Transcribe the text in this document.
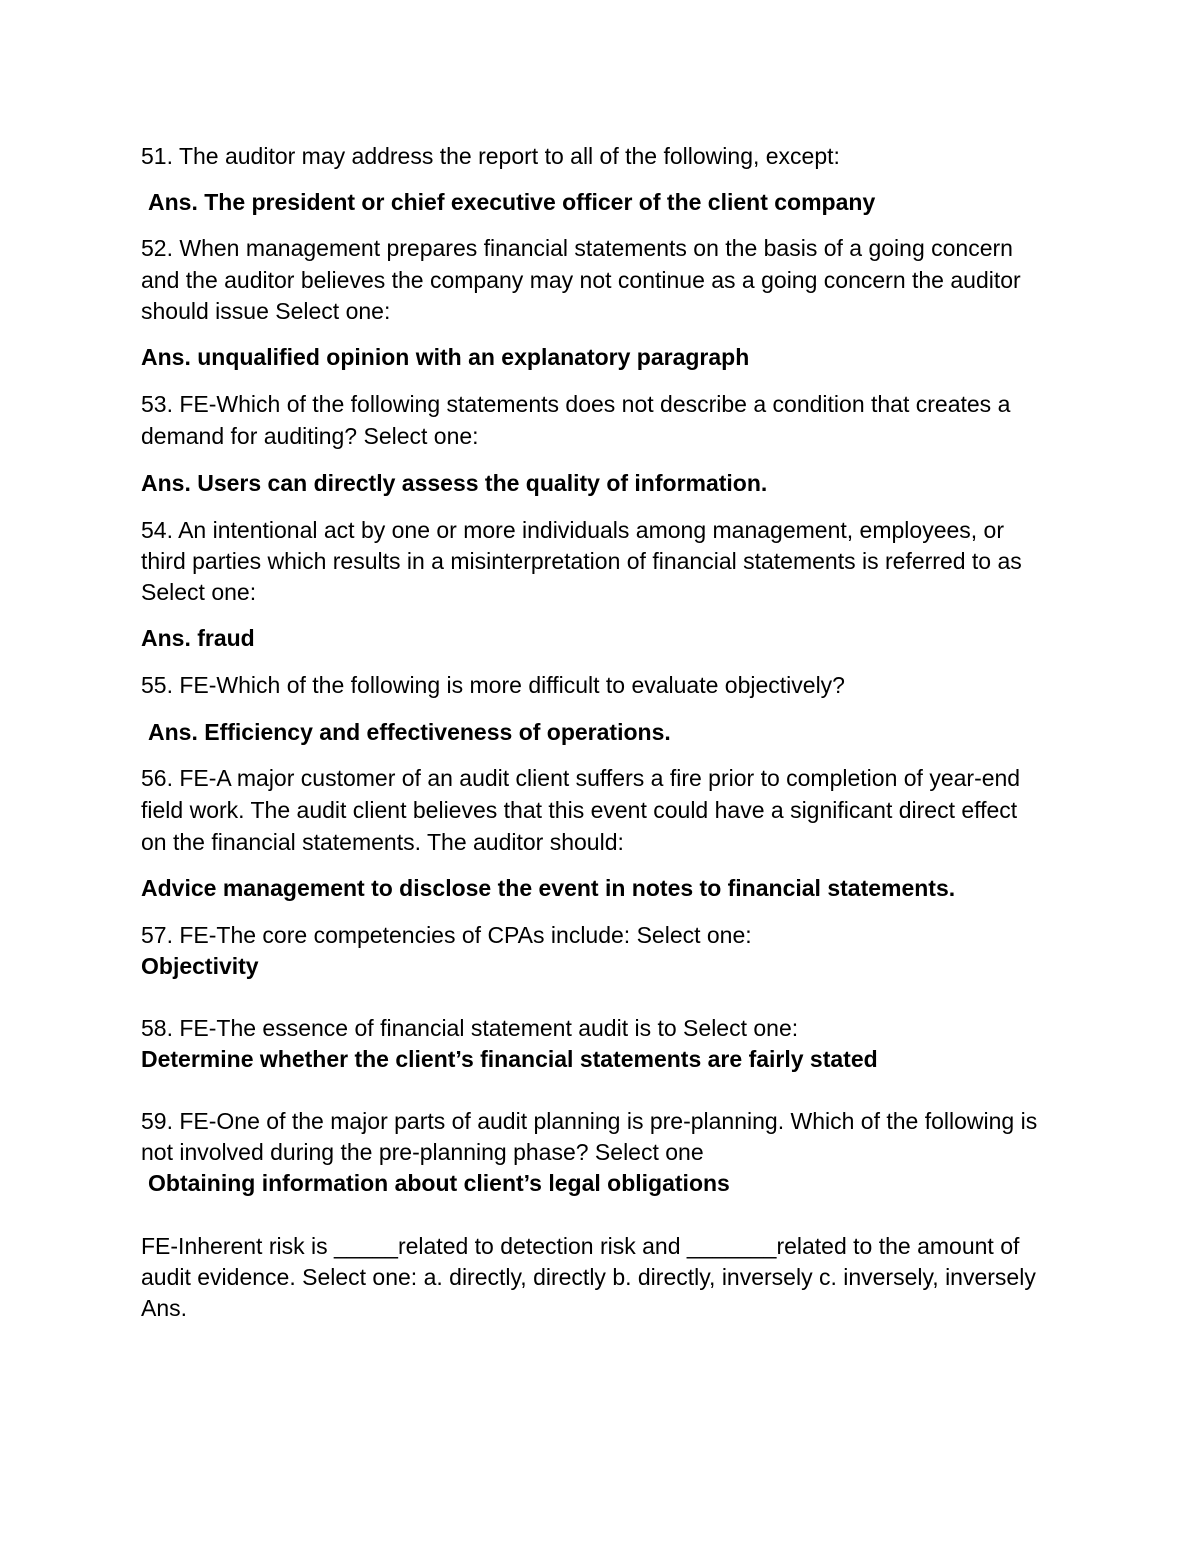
51. The auditor may address the report to all of the following, except:
Ans. The president or chief executive officer of the client company
52. When management prepares financial statements on the basis of a going concern
and the auditor believes the company may not continue as a going concern the auditor
should issue Select one:
Ans. unqualified opinion with an explanatory paragraph
53. FE-Which of the following statements does not describe a condition that creates a
demand for auditing? Select one:
Ans. Users can directly assess the quality of information.
54. An intentional act by one or more individuals among management, employees, or
third parties which results in a misinterpretation of financial statements is referred to as
Select one:
Ans. fraud
55. FE-Which of the following is more difficult to evaluate objectively?
Ans. Efficiency and effectiveness of operations.
56. FE-A major customer of an audit client suffers a fire prior to completion of year-end
field work. The audit client believes that this event could have a significant direct effect
on the financial statements. The auditor should:
Advice management to disclose the event in notes to financial statements.
57. FE-The core competencies of CPAs include: Select one:
Objectivity
58. FE-The essence of financial statement audit is to Select one:
Determine whether the client’s financial statements are fairly stated
59. FE-One of the major parts of audit planning is pre-planning. Which of the following is
not involved during the pre-planning phase? Select one
Obtaining information about client’s legal obligations
FE-Inherent risk is _____related to detection risk and _______related to the amount of
audit evidence. Select one: a. directly, directly b. directly, inversely c. inversely, inversely
Ans.
